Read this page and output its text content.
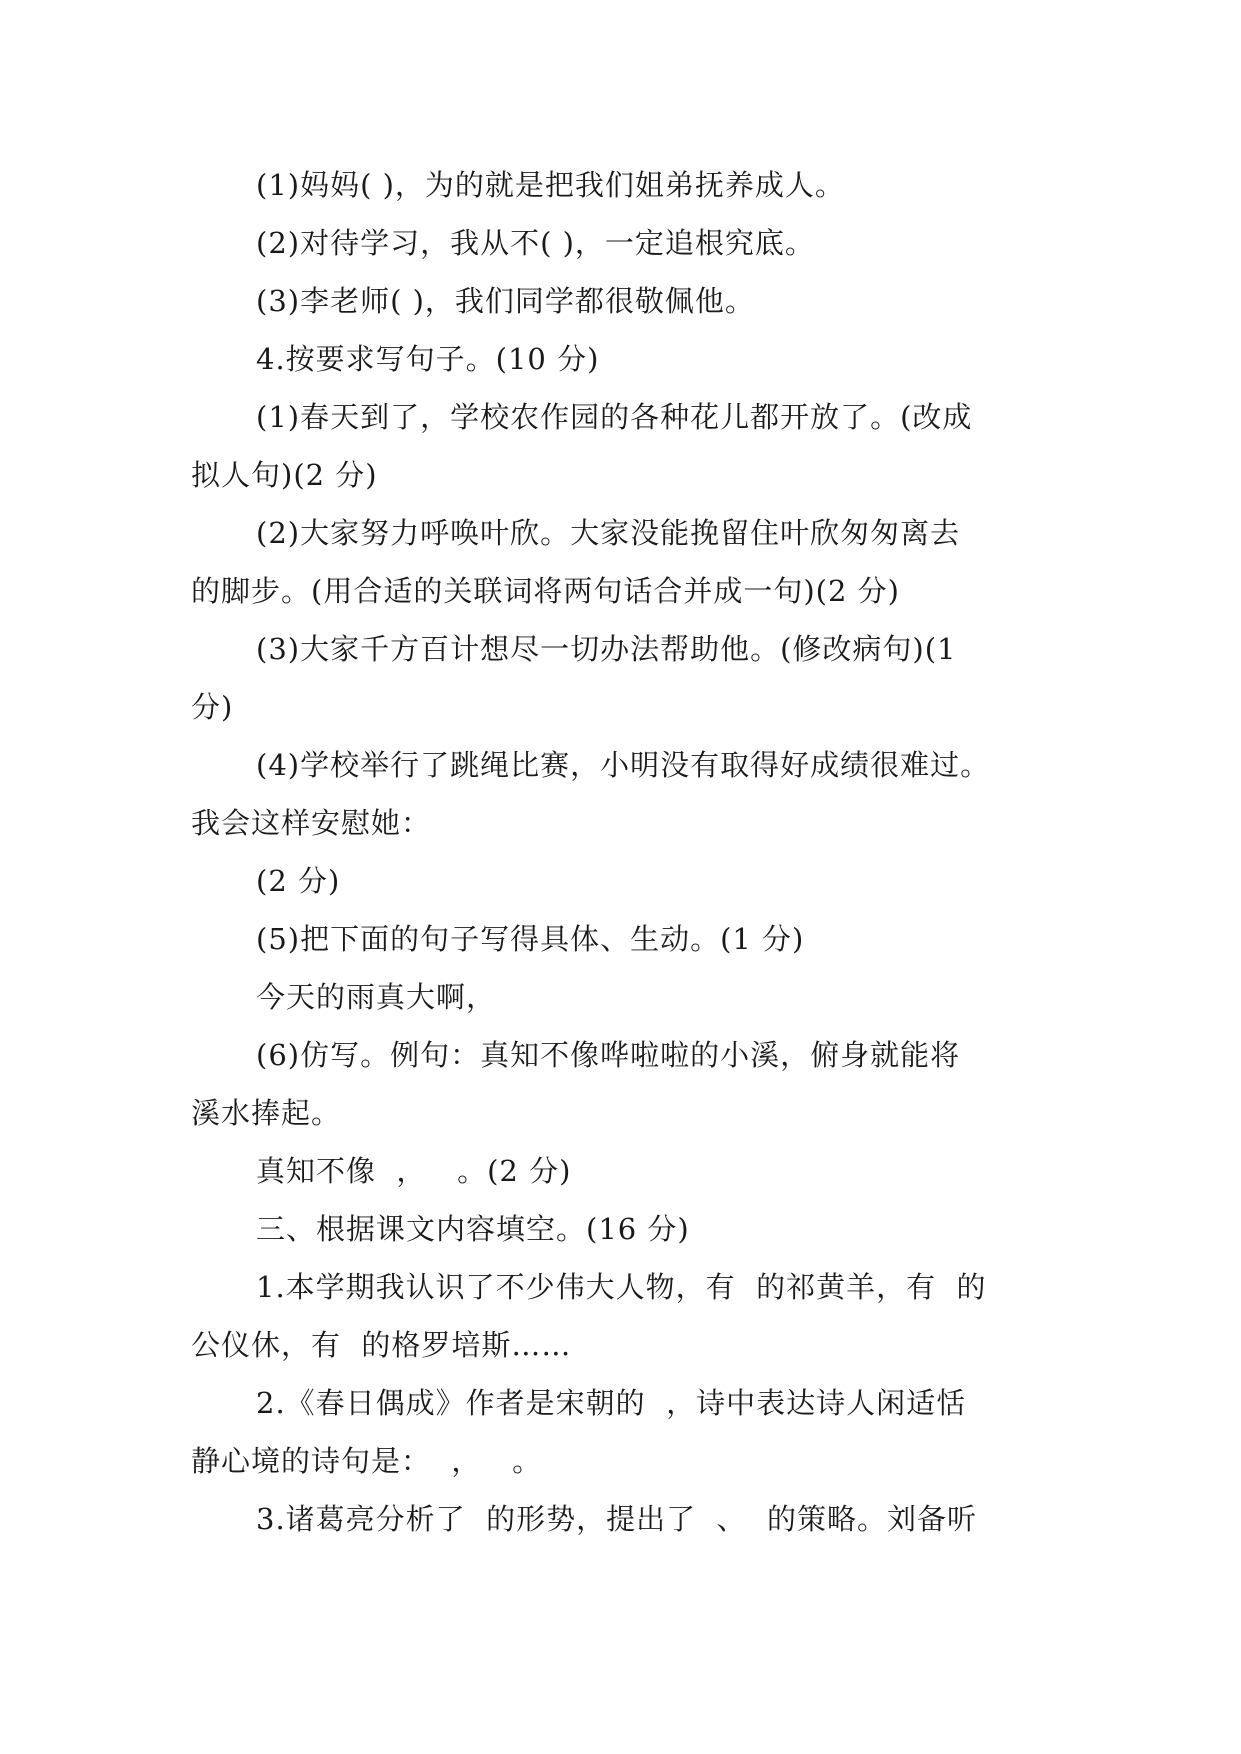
(1)妈妈( )，为的就是把我们姐弟抚养成人。
(2)对待学习，我从不( )，一定追根究底。
(3)李老师( )，我们同学都很敬佩他。
4.按要求写句子。(10 分)
(1)春天到了，学校农作园的各种花儿都开放了。(改成
拟人句)(2 分)
(2)大家努力呼唤叶欣。大家没能挽留住叶欣匆匆离去
的脚步。(用合适的关联词将两句话合并成一句)(2 分)
(3)大家千方百计想尽一切办法帮助他。(修改病句)(1
分)
(4)学校举行了跳绳比赛，小明没有取得好成绩很难过。
我会这样安慰她：
(2 分)
(5)把下面的句子写得具体、生动。(1 分)
今天的雨真大啊，
(6)仿写。例句：真知不像哗啦啦的小溪，俯身就能将
溪水捧起。
真知不像  ，   。(2 分)
三、根据课文内容填空。(16 分)
1.本学期我认识了不少伟大人物，有  的祁黄羊，有  的
公仪休，有  的格罗培斯……
2.《春日偶成》作者是宋朝的  ，诗中表达诗人闲适恬
静心境的诗句是：  ，   。
3.诸葛亮分析了  的形势，提出了  、  的策略。刘备听
